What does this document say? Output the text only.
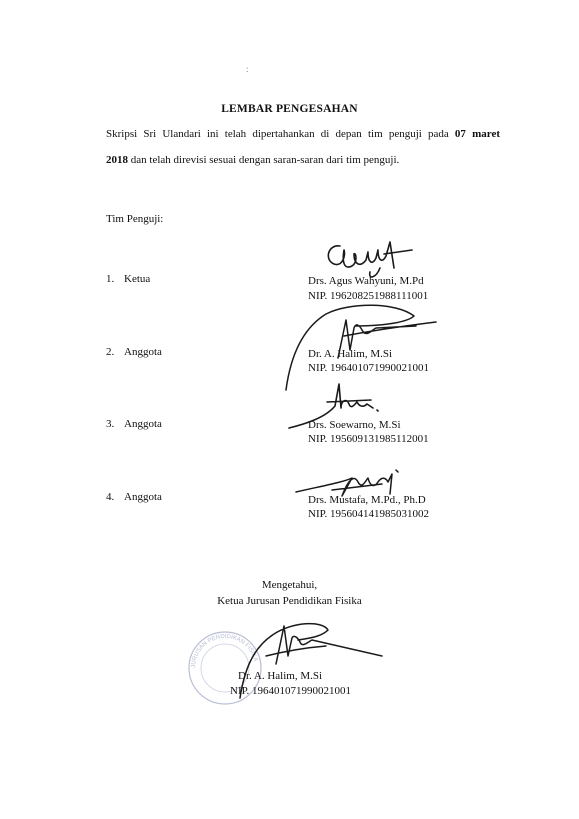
:
LEMBAR PENGESAHAN
Skripsi Sri Ulandari ini telah dipertahankan di depan tim penguji pada 07 maret
2018 dan telah direvisi sesuai dengan saran-saran dari tim penguji.
Tim Penguji:
1. Ketua	Drs. Agus Wahyuni, M.Pd
NIP. 196208251988111001
2. Anggota	Dr. A. Halim, M.Si
NIP. 196401071990021001
3. Anggota	Drs. Soewarno, M.Si
NIP. 195609131985112001
4. Anggota	Drs. Mustafa, M.Pd., Ph.D
NIP. 195604141985031002
Mengetahui,
Ketua Jurusan Pendidikan Fisika
JURUSAN PENDIDIKAN FISIKA
Dr. A. Halim, M.Si
NIP. 196401071990021001
